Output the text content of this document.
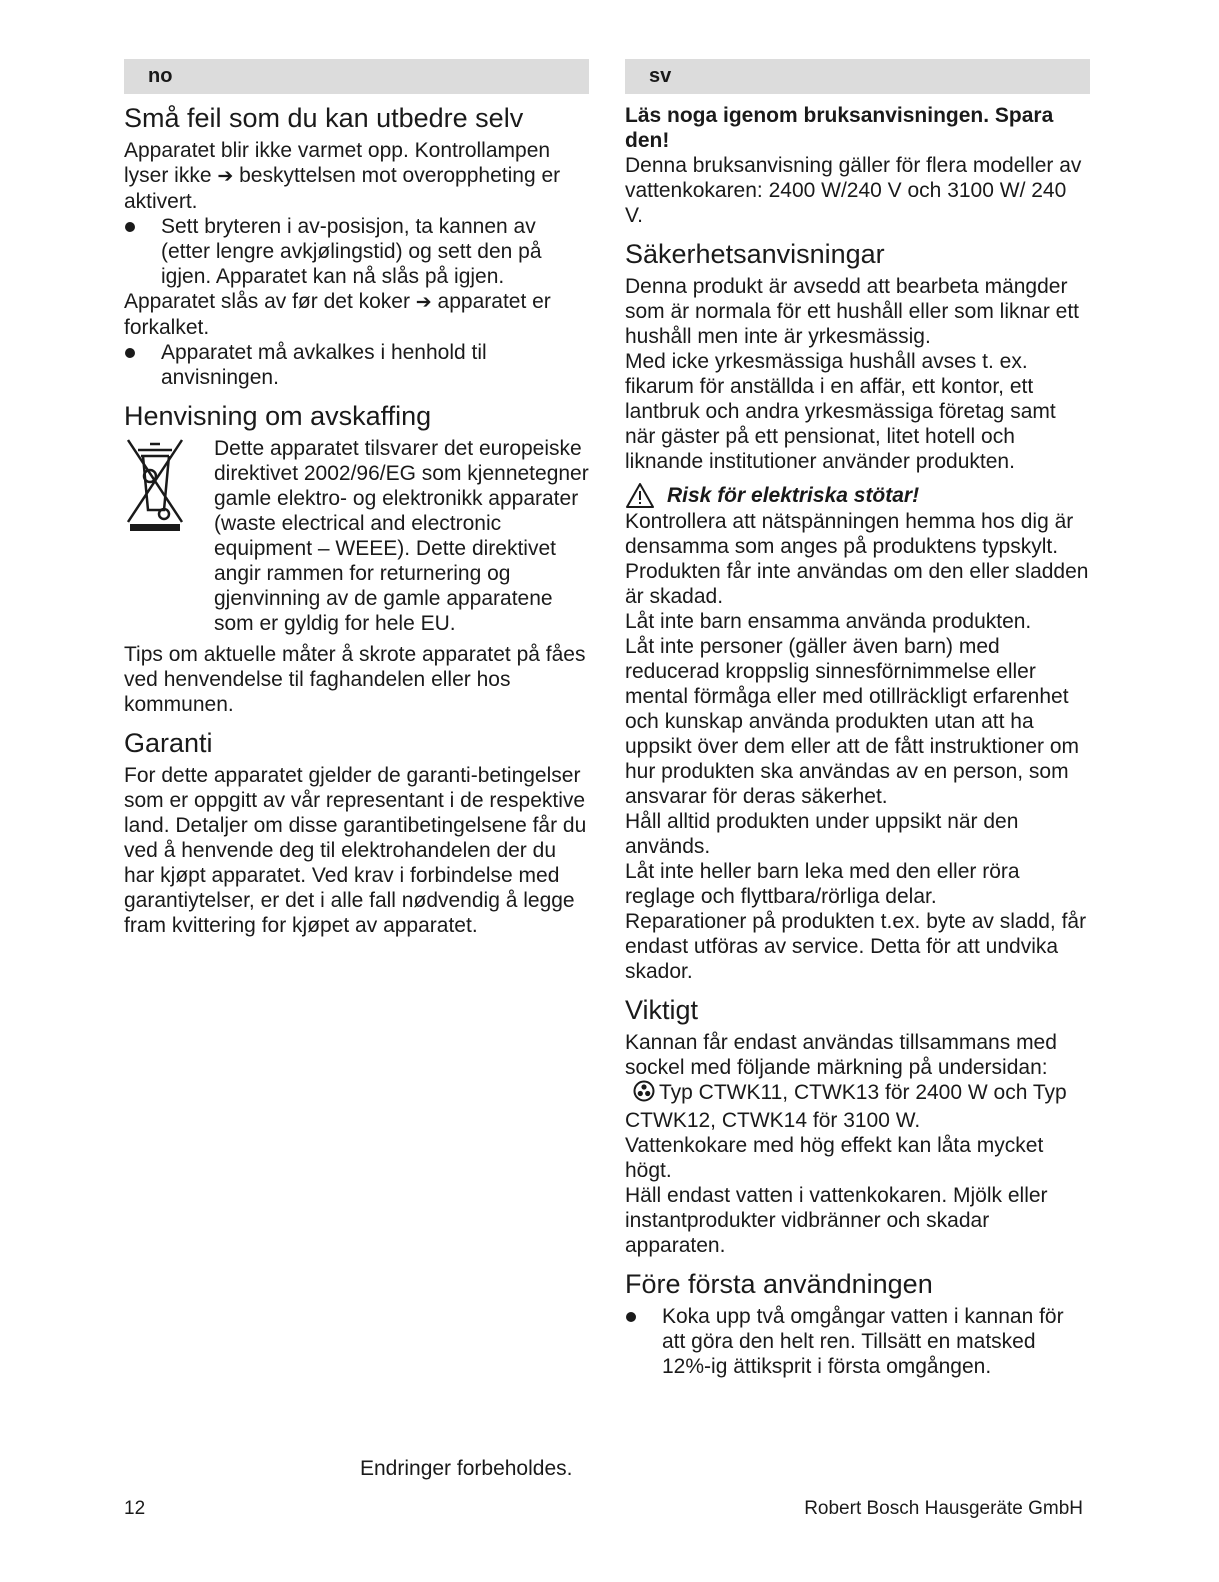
no
Små feil som du kan utbedre selv

Apparatet blir ikke varmet opp. Kontrollampen lyser ikke ➔ beskyttelsen mot overoppheting er aktivert.

Sett bryteren i av-posisjon, ta kannen av (etter lengre avkjølingstid) og sett den på igjen. Apparatet kan nå slås på igjen.

Apparatet slås av før det koker ➔ apparatet er forkalket.

Apparatet må avkalkes i henhold til anvisningen.

Henvisning om avskaffing

Dette apparatet tilsvarer det europeiske direktivet 2002/96/EG som kjennetegner gamle elektro- og elektronikk apparater (waste electrical and electronic equipment – WEEE). Dette direktivet angir rammen for returnering og gjenvinning av de gamle apparatene som er gyldig for hele EU.

Tips om aktuelle måter å skrote apparatet på fåes ved henvendelse til faghandelen eller hos kommunen.

Garanti

For dette apparatet gjelder de garanti-betingelser som er oppgitt av vår representant i de respektive land. Detaljer om disse garantibetingelsene får du ved å henvende deg til elektrohandelen der du har kjøpt apparatet. Ved krav i forbindelse med garantiytelser, er det i alle fall nødvendig å legge fram kvittering for kjøpet av apparatet.

sv

Läs noga igenom bruksanvisningen. Spara den!

Denna bruksanvisning gäller för flera modeller av vattenkokaren: 2400 W/240 V och 3100 W/ 240 V.

Säkerhetsanvisningar

Denna produkt är avsedd att bearbeta mängder som är normala för ett hushåll eller som liknar ett hushåll men inte är yrkesmässig.

Med icke yrkesmässiga hushåll avses t. ex. fikarum för anställda i en affär, ett kontor, ett lantbruk och andra yrkesmässiga företag samt när gäster på ett pensionat, litet hotell och liknande institutioner använder produkten.

Risk för elektriska stötar!

Kontrollera att nätspänningen hemma hos dig är densamma som anges på produktens typskylt.

Produkten får inte användas om den eller sladden är skadad.

Låt inte barn ensamma använda produkten.

Låt inte personer (gäller även barn) med reducerad kroppslig sinnesförnimmelse eller mental förmåga eller med otillräckligt erfarenhet och kunskap använda produkten utan att ha uppsikt över dem eller att de fått instruktioner om hur produkten ska användas av en person, som ansvarar för deras säkerhet.

Håll alltid produkten under uppsikt när den används.

Låt inte heller barn leka med den eller röra reglage och flyttbara/rörliga delar.

Reparationer på produkten t.ex. byte av sladd, får endast utföras av service. Detta för att undvika skador.

Viktigt

Kannan får endast användas tillsammans med sockel med följande märkning på undersidan:

Typ CTWK11, CTWK13 för 2400 W och Typ CTWK12, CTWK14 för 3100 W.

Vattenkokare med hög effekt kan låta mycket högt.

Häll endast vatten i vattenkokaren. Mjölk eller instantprodukter vidbränner och skadar apparaten.

Före första användningen

Koka upp två omgångar vatten i kannan för att göra den helt ren. Tillsätt en matsked 12%-ig ättiksprit i första omgången.

Endringer forbeholdes.
12	Robert Bosch Hausgeräte GmbH
